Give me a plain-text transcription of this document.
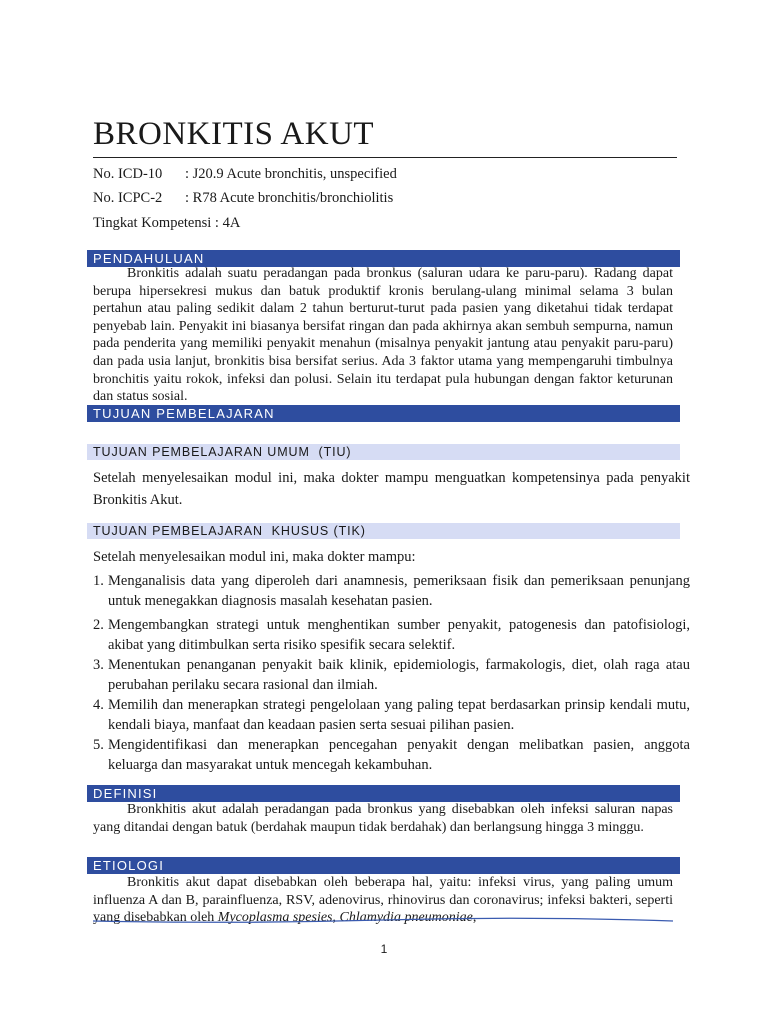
BRONKITIS AKUT
No. ICD-10 : J20.9 Acute bronchitis, unspecified
No. ICPC-2 : R78 Acute bronchitis/bronchiolitis
Tingkat Kompetensi : 4A
PENDAHULUAN
Bronkitis adalah suatu peradangan pada bronkus (saluran udara ke paru-paru). Radang dapat berupa hipersekresi mukus dan batuk produktif kronis berulang-ulang minimal selama 3 bulan pertahun atau paling sedikit dalam 2 tahun berturut-turut pada pasien yang diketahui tidak terdapat penyebab lain. Penyakit ini biasanya bersifat ringan dan pada akhirnya akan sembuh sempurna, namun pada penderita yang memiliki penyakit menahun (misalnya penyakit jantung atau penyakit paru-paru) dan pada usia lanjut, bronkitis bisa bersifat serius. Ada 3 faktor utama yang mempengaruhi timbulnya bronchitis yaitu rokok, infeksi dan polusi. Selain itu terdapat pula hubungan dengan faktor keturunan dan status sosial.
TUJUAN PEMBELAJARAN
TUJUAN PEMBELAJARAN UMUM  (TIU)
Setelah menyelesaikan modul ini, maka dokter mampu menguatkan kompetensinya pada penyakit Bronkitis Akut.
TUJUAN PEMBELAJARAN  KHUSUS (TIK)
Setelah menyelesaikan modul ini, maka dokter mampu:
1. Menganalisis data yang diperoleh dari anamnesis, pemeriksaan fisik dan pemeriksaan penunjang untuk menegakkan diagnosis masalah kesehatan pasien.
2. Mengembangkan strategi untuk menghentikan sumber penyakit, patogenesis dan patofisiologi, akibat yang ditimbulkan serta risiko spesifik secara selektif.
3. Menentukan penanganan penyakit baik klinik, epidemiologis, farmakologis, diet, olah raga atau perubahan perilaku secara rasional dan ilmiah.
4. Memilih dan menerapkan strategi pengelolaan yang paling tepat berdasarkan prinsip kendali mutu, kendali biaya, manfaat dan keadaan pasien serta sesuai pilihan pasien.
5. Mengidentifikasi dan menerapkan pencegahan penyakit dengan melibatkan pasien, anggota keluarga dan masyarakat untuk mencegah kekambuhan.
DEFINISI
Bronkhitis akut adalah peradangan pada bronkus yang disebabkan oleh infeksi saluran napas yang ditandai dengan batuk (berdahak maupun tidak berdahak) dan berlangsung hingga 3 minggu.
ETIOLOGI
Bronkitis akut dapat disebabkan oleh beberapa hal, yaitu: infeksi virus, yang paling umum influenza A dan B, parainfluenza, RSV, adenovirus, rhinovirus dan coronavirus; infeksi bakteri, seperti yang disebabkan oleh Mycoplasma spesies, Chlamydia pneumoniae,
1
